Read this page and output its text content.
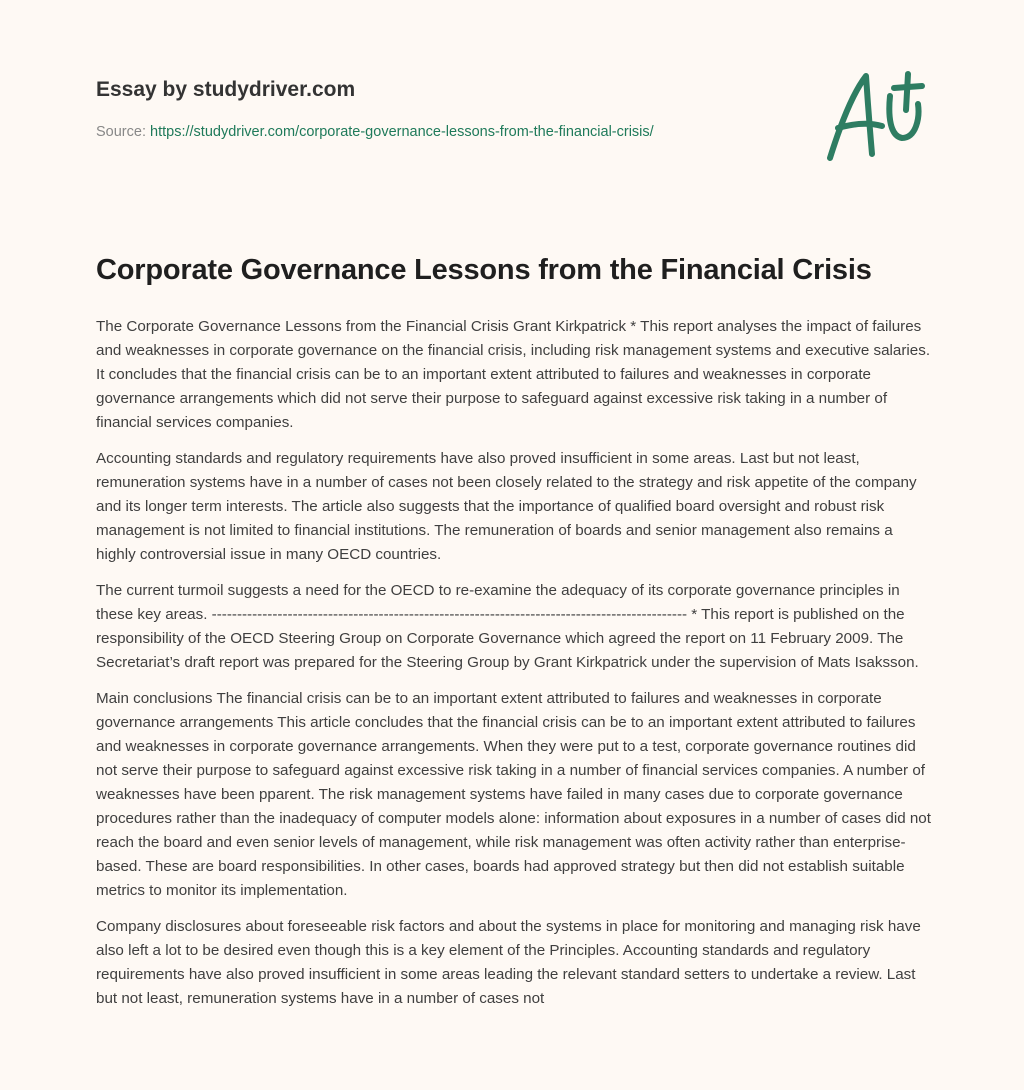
Essay by studydriver.com
Source: https://studydriver.com/corporate-governance-lessons-from-the-financial-crisis/
Corporate Governance Lessons from the Financial Crisis

The Corporate Governance Lessons from the Financial Crisis Grant Kirkpatrick * This report analyses the impact of failures and weaknesses in corporate governance on the financial crisis, including risk management systems and executive salaries. It concludes that the financial crisis can be to an important extent attributed to failures and weaknesses in corporate governance arrangements which did not serve their purpose to safeguard against excessive risk taking in a number of financial services companies.

Accounting standards and regulatory requirements have also proved insufficient in some areas. Last but not least, remuneration systems have in a number of cases not been closely related to the strategy and risk appetite of the company and its longer term interests. The article also suggests that the importance of qualified board oversight and robust risk management is not limited to financial institutions. The remuneration of boards and senior management also remains a highly controversial issue in many OECD countries.

The current turmoil suggests a need for the OECD to re-examine the adequacy of its corporate governance principles in these key areas. ---------------------------------------------------------------------------------------------- * This report is published on the responsibility of the OECD Steering Group on Corporate Governance which agreed the report on 11 February 2009. The Secretariat’s draft report was prepared for the Steering Group by Grant Kirkpatrick under the supervision of Mats Isaksson.

Main conclusions The financial crisis can be to an important extent attributed to failures and weaknesses in corporate governance arrangements This article concludes that the financial crisis can be to an important extent attributed to failures and weaknesses in corporate governance arrangements. When they were put to a test, corporate governance routines did not serve their purpose to safeguard against excessive risk taking in a number of financial services companies. A number of weaknesses have been pparent. The risk management systems have failed in many cases due to corporate governance procedures rather than the inadequacy of computer models alone: information about exposures in a number of cases did not reach the board and even senior levels of management, while risk management was often activity rather than enterprise-based. These are board responsibilities. In other cases, boards had approved strategy but then did not establish suitable metrics to monitor its implementation.

Company disclosures about foreseeable risk factors and about the systems in place for monitoring and managing risk have also left a lot to be desired even though this is a key element of the Principles. Accounting standards and regulatory requirements have also proved insufficient in some areas leading the relevant standard setters to undertake a review. Last but not least, remuneration systems have in a number of cases not
